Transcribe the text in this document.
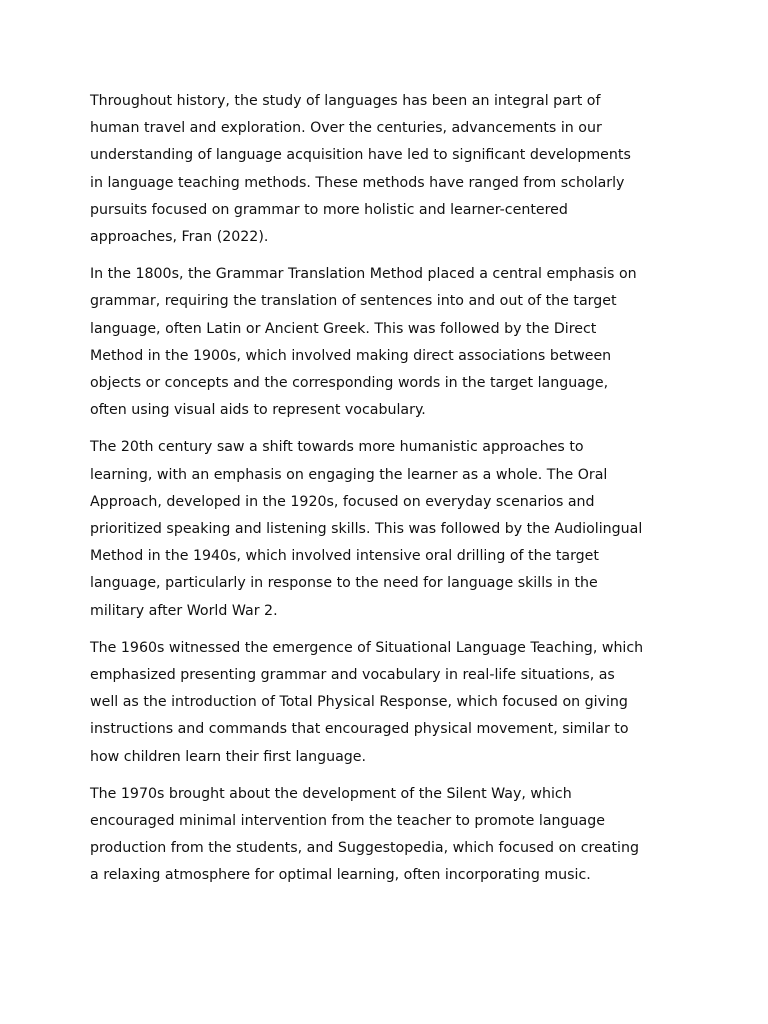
Throughout history, the study of languages has been an integral part of
human travel and exploration. Over the centuries, advancements in our
understanding of language acquisition have led to significant developments
in language teaching methods. These methods have ranged from scholarly
pursuits focused on grammar to more holistic and learner-centered
approaches, Fran (2022).

In the 1800s, the Grammar Translation Method placed a central emphasis on
grammar, requiring the translation of sentences into and out of the target
language, often Latin or Ancient Greek. This was followed by the Direct
Method in the 1900s, which involved making direct associations between
objects or concepts and the corresponding words in the target language,
often using visual aids to represent vocabulary.

The 20th century saw a shift towards more humanistic approaches to
learning, with an emphasis on engaging the learner as a whole. The Oral
Approach, developed in the 1920s, focused on everyday scenarios and
prioritized speaking and listening skills. This was followed by the Audiolingual
Method in the 1940s, which involved intensive oral drilling of the target
language, particularly in response to the need for language skills in the
military after World War 2.

The 1960s witnessed the emergence of Situational Language Teaching, which
emphasized presenting grammar and vocabulary in real-life situations, as
well as the introduction of Total Physical Response, which focused on giving
instructions and commands that encouraged physical movement, similar to
how children learn their first language.

The 1970s brought about the development of the Silent Way, which
encouraged minimal intervention from the teacher to promote language
production from the students, and Suggestopedia, which focused on creating
a relaxing atmosphere for optimal learning, often incorporating music.
